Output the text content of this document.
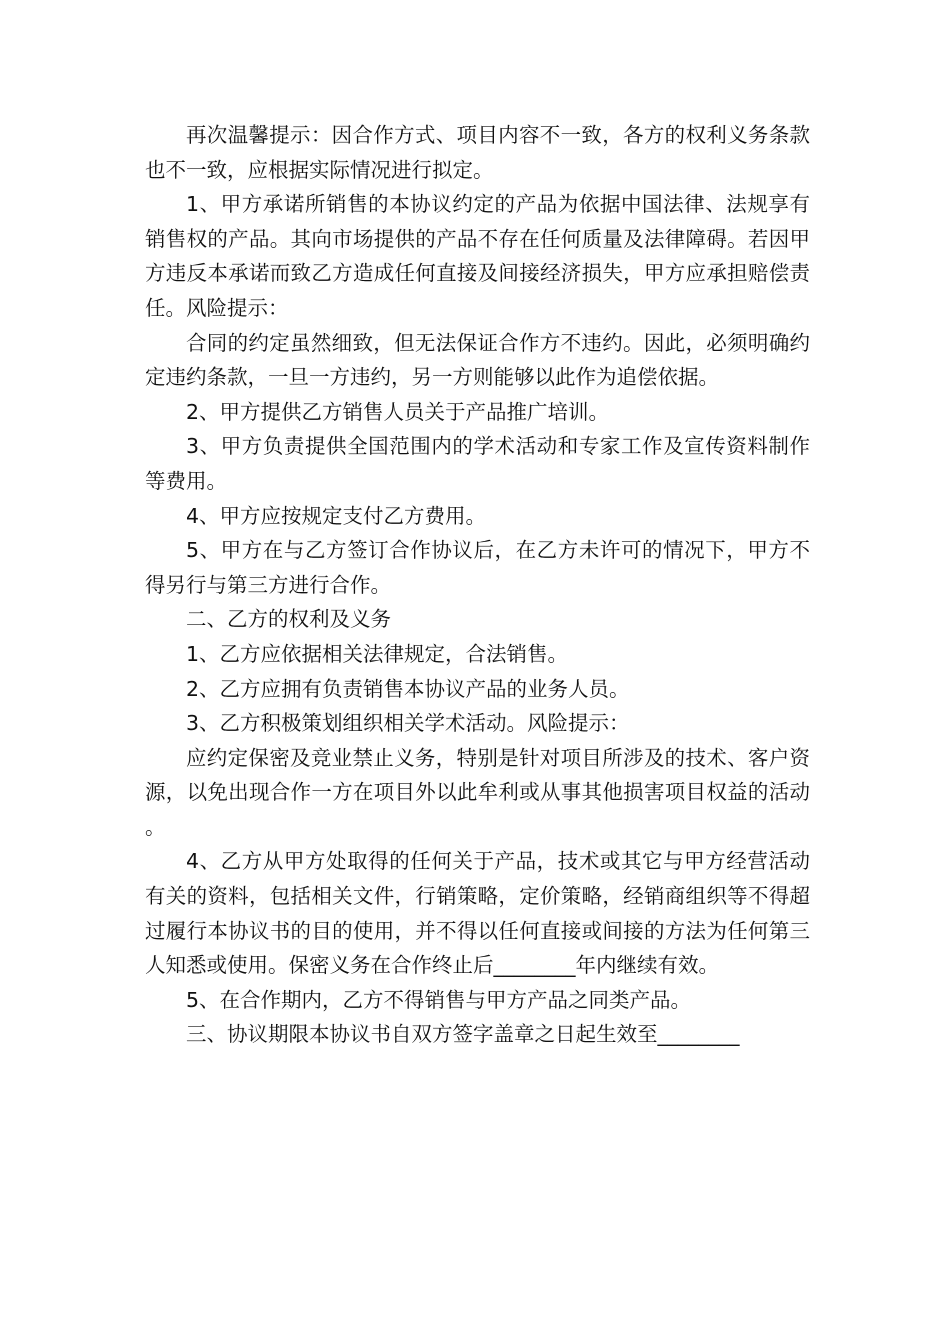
再次温馨提示：因合作方式、项目内容不一致，各方的权利义务条款也不一致，应根据实际情况进行拟定。

1、甲方承诺所销售的本协议约定的产品为依据中国法律、法规享有销售权的产品。其向市场提供的产品不存在任何质量及法律障碍。若因甲方违反本承诺而致乙方造成任何直接及间接经济损失，甲方应承担赔偿责任。风险提示：

合同的约定虽然细致，但无法保证合作方不违约。因此，必须明确约定违约条款，一旦一方违约，另一方则能够以此作为追偿依据。

2、甲方提供乙方销售人员关于产品推广培训。

3、甲方负责提供全国范围内的学术活动和专家工作及宣传资料制作等费用。

4、甲方应按规定支付乙方费用。

5、甲方在与乙方签订合作协议后，在乙方未许可的情况下，甲方不得另行与第三方进行合作。

二、乙方的权利及义务

1、乙方应依据相关法律规定，合法销售。

2、乙方应拥有负责销售本协议产品的业务人员。

3、乙方积极策划组织相关学术活动。风险提示：

应约定保密及竞业禁止义务，特别是针对项目所涉及的技术、客户资源，以免出现合作一方在项目外以此牟利或从事其他损害项目权益的活动。

4、乙方从甲方处取得的任何关于产品，技术或其它与甲方经营活动有关的资料，包括相关文件，行销策略，定价策略，经销商组织等不得超过履行本协议书的目的使用，并不得以任何直接或间接的方法为任何第三人知悉或使用。保密义务在合作终止后________年内继续有效。

5、在合作期内，乙方不得销售与甲方产品之同类产品。

三、协议期限本协议书自双方签字盖章之日起生效至________
